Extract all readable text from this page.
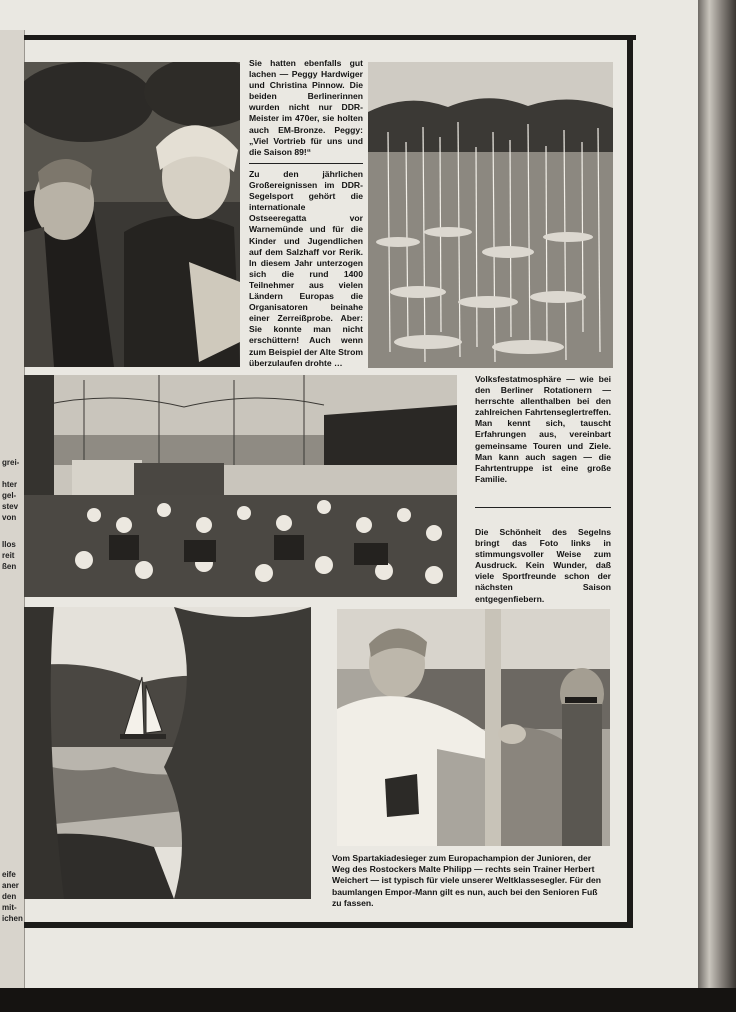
grei-
hter
gel-
stev
von
Ilos
reit
ßen
eife
aner
den
mit-
ichen
Sie hatten ebenfalls gut lachen — Peggy Hardwiger und Christina Pinnow. Die beiden Berlinerinnen wurden nicht nur DDR-Meister im 470er, sie holten auch EM-Bronze. Peggy: „Viel Vortrieb für uns und die Saison 89!“
Zu den jährlichen Großereignissen im DDR-Segelsport gehört die internationale Ostseeregatta vor Warnemünde und für die Kinder und Jugendlichen auf dem Salzhaff vor Rerik. In diesem Jahr unterzogen sich die rund 1400 Teilnehmer aus vielen Ländern Europas die Organisatoren beinahe einer Zerreißprobe. Aber: Sie konnte man nicht erschüttern! Auch wenn zum Beispiel der Alte Strom überzulaufen drohte …
Volksfestatmosphäre — wie bei den Berliner Rotationern — herrschte allenthalben bei den zahlreichen Fahrtenseglertreffen. Man kennt sich, tauscht Erfahrungen aus, vereinbart gemeinsame Touren und Ziele. Man kann auch sagen — die Fahrtentruppe ist eine große Familie.
Die Schönheit des Segelns bringt das Foto links in stimmungsvoller Weise zum Ausdruck. Kein Wunder, daß viele Sportfreunde schon der nächsten Saison entgegenfiebern.
Vom Spartakiadesieger zum Europachampion der Junioren, der Weg des Rostockers Malte Philipp — rechts sein Trainer Herbert Weichert — ist typisch für viele unserer Weltklassesegler. Für den baumlangen Empor-Mann gilt es nun, auch bei den Senioren Fuß zu fassen.
